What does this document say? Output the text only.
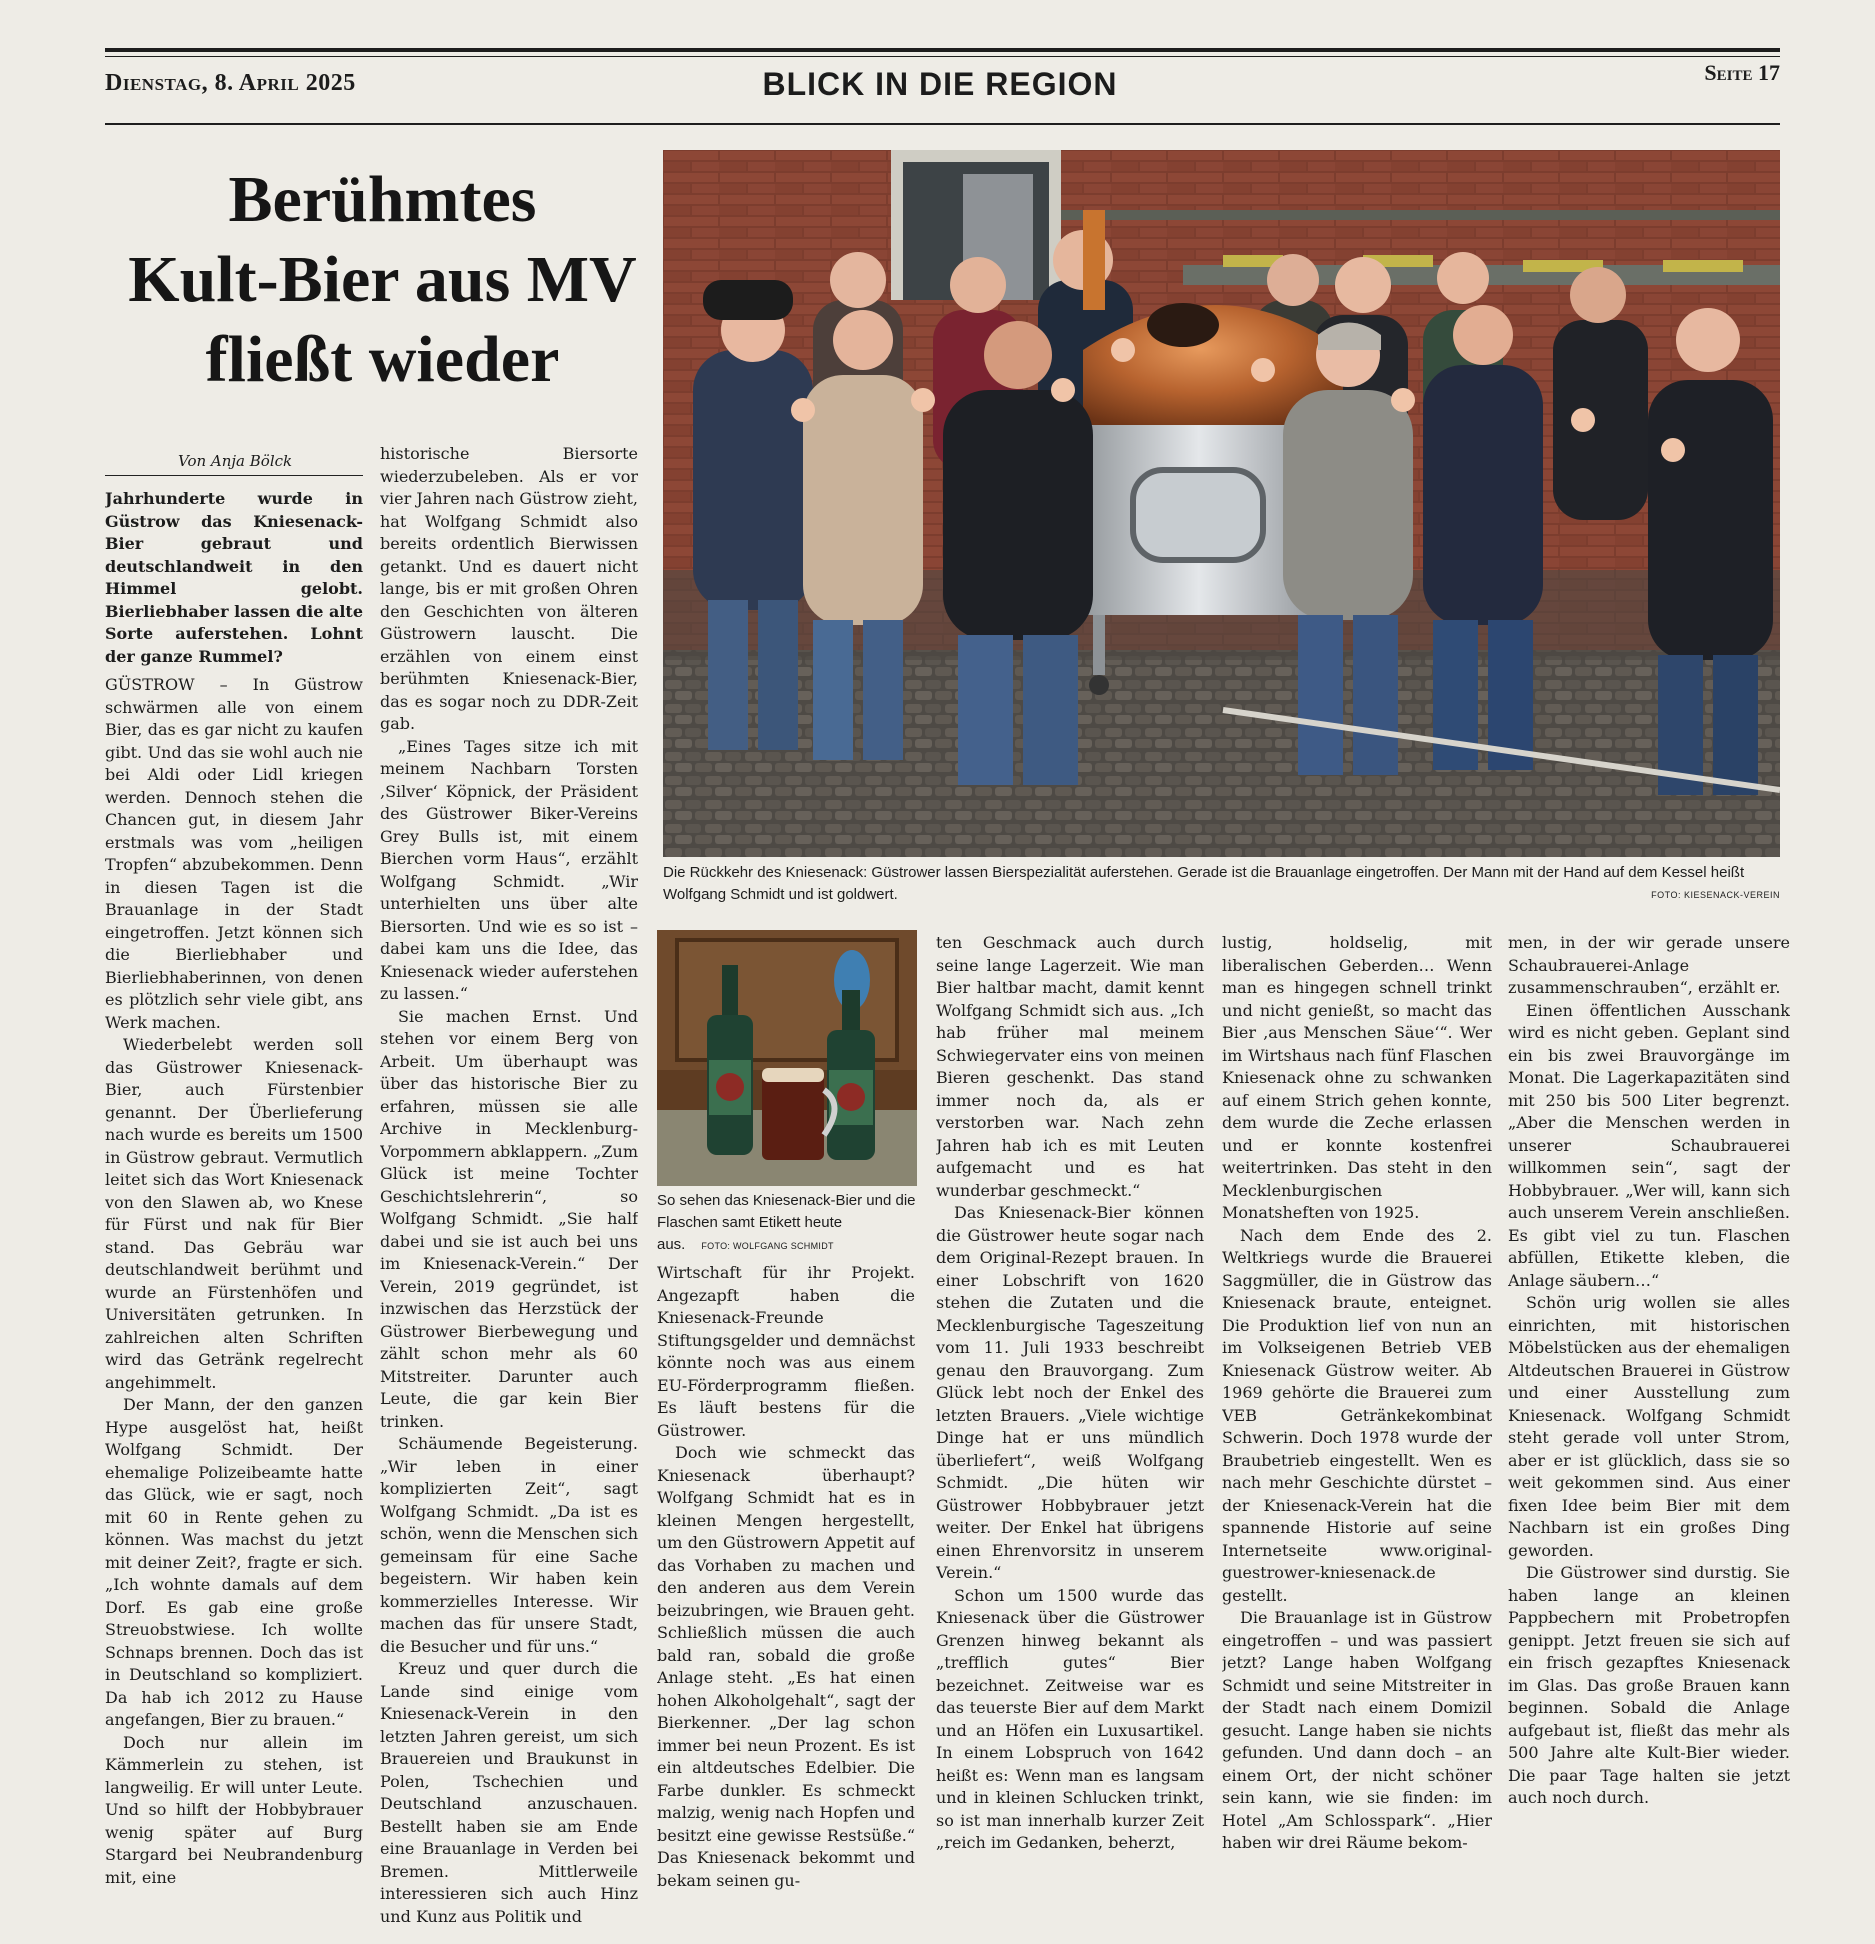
Dienstag, 8. April 2025	BLICK IN DIE REGION	Seite 17
Berühmtes
Kult-Bier aus MV
fließt wieder
Von Anja Bölck
Die Rückkehr des Kniesenack: Güstrower lassen Bierspezialität auferstehen. Gerade ist die Brauanlage eingetroffen. Der Mann mit der Hand auf dem Kessel heißt Wolfgang Schmidt und ist goldwert.	FOTO: KIESENACK-VEREIN
So sehen das Kniesenack-Bier und die Flaschen samt Etikett heute aus. FOTO: WOLFGANG SCHMIDT

Jahrhunderte wurde in Güstrow das Kniesenack-Bier gebraut und deutschlandweit in den Himmel gelobt. Bierliebhaber lassen die alte Sorte auferstehen. Lohnt der ganze Rummel?

GÜSTROW – In Güstrow schwärmen alle von einem Bier, das es gar nicht zu kaufen gibt. Und das sie wohl auch nie bei Aldi oder Lidl kriegen werden. Dennoch stehen die Chancen gut, in diesem Jahr erstmals was vom „heiligen Tropfen“ abzubekommen. Denn in diesen Tagen ist die Brauanlage in der Stadt eingetroffen. Jetzt können sich die Bierliebhaber und Bierliebhaberinnen, von denen es plötzlich sehr viele gibt, ans Werk machen.

Wiederbelebt werden soll das Güstrower Kniesenack-Bier, auch Fürstenbier genannt. Der Überlieferung nach wurde es bereits um 1500 in Güstrow gebraut. Vermutlich leitet sich das Wort Kniesenack von den Slawen ab, wo Knese für Fürst und nak für Bier stand. Das Gebräu war deutschlandweit berühmt und wurde an Fürstenhöfen und Universitäten getrunken. In zahlreichen alten Schriften wird das Getränk regelrecht angehimmelt.

Der Mann, der den ganzen Hype ausgelöst hat, heißt Wolfgang Schmidt. Der ehemalige Polizeibeamte hatte das Glück, wie er sagt, noch mit 60 in Rente gehen zu können. Was machst du jetzt mit deiner Zeit?, fragte er sich. „Ich wohnte damals auf dem Dorf. Es gab eine große Streuobstwiese. Ich wollte Schnaps brennen. Doch das ist in Deutschland so kompliziert. Da hab ich 2012 zu Hause angefangen, Bier zu brauen.“

Doch nur allein im Kämmerlein zu stehen, ist langweilig. Er will unter Leute. Und so hilft der Hobbybrauer wenig später auf Burg Stargard bei Neubrandenburg mit, eine

historische Biersorte wiederzubeleben. Als er vor vier Jahren nach Güstrow zieht, hat Wolfgang Schmidt also bereits ordentlich Bierwissen getankt. Und es dauert nicht lange, bis er mit großen Ohren den Geschichten von älteren Güstrowern lauscht. Die erzählen von einem einst berühmten Kniesenack-Bier, das es sogar noch zu DDR-Zeit gab.

„Eines Tages sitze ich mit meinem Nachbarn Torsten ‚Silver‘ Köpnick, der Präsident des Güstrower Biker-Vereins Grey Bulls ist, mit einem Bierchen vorm Haus“, erzählt Wolfgang Schmidt. „Wir unterhielten uns über alte Biersorten. Und wie es so ist – dabei kam uns die Idee, das Kniesenack wieder auferstehen zu lassen.“

Sie machen Ernst. Und stehen vor einem Berg von Arbeit. Um überhaupt was über das historische Bier zu erfahren, müssen sie alle Archive in Mecklenburg-Vorpommern abklappern. „Zum Glück ist meine Tochter Geschichtslehrerin“, so Wolfgang Schmidt. „Sie half dabei und sie ist auch bei uns im Kniesenack-Verein.“ Der Verein, 2019 gegründet, ist inzwischen das Herzstück der Güstrower Bierbewegung und zählt schon mehr als 60 Mitstreiter. Darunter auch Leute, die gar kein Bier trinken.

Schäumende Begeisterung. „Wir leben in einer komplizierten Zeit“, sagt Wolfgang Schmidt. „Da ist es schön, wenn die Menschen sich gemeinsam für eine Sache begeistern. Wir haben kein kommerzielles Interesse. Wir machen das für unsere Stadt, die Besucher und für uns.“

Kreuz und quer durch die Lande sind einige vom Kniesenack-Verein in den letzten Jahren gereist, um sich Brauereien und Braukunst in Polen, Tschechien und Deutschland anzuschauen. Bestellt haben sie am Ende eine Brauanlage in Verden bei Bremen. Mittlerweile interessieren sich auch Hinz und Kunz aus Politik und

Wirtschaft für ihr Projekt. Angezapft haben die Kniesenack-Freunde Stiftungsgelder und demnächst könnte noch was aus einem EU-Förderprogramm fließen. Es läuft bestens für die Güstrower.

Doch wie schmeckt das Kniesenack überhaupt? Wolfgang Schmidt hat es in kleinen Mengen hergestellt, um den Güstrowern Appetit auf das Vorhaben zu machen und den anderen aus dem Verein beizubringen, wie Brauen geht. Schließlich müssen die auch bald ran, sobald die große Anlage steht. „Es hat einen hohen Alkoholgehalt“, sagt der Bierkenner. „Der lag schon immer bei neun Prozent. Es ist ein altdeutsches Edelbier. Die Farbe dunkler. Es schmeckt malzig, wenig nach Hopfen und besitzt eine gewisse Restsüße.“ Das Kniesenack bekommt und bekam seinen gu-

ten Geschmack auch durch seine lange Lagerzeit. Wie man Bier haltbar macht, damit kennt Wolfgang Schmidt sich aus. „Ich hab früher mal meinem Schwiegervater eins von meinen Bieren geschenkt. Das stand immer noch da, als er verstorben war. Nach zehn Jahren hab ich es mit Leuten aufgemacht und es hat wunderbar geschmeckt.“

Das Kniesenack-Bier können die Güstrower heute sogar nach dem Original-Rezept brauen. In einer Lobschrift von 1620 stehen die Zutaten und die Mecklenburgische Tageszeitung vom 11. Juli 1933 beschreibt genau den Brauvorgang. Zum Glück lebt noch der Enkel des letzten Brauers. „Viele wichtige Dinge hat er uns mündlich überliefert“, weiß Wolfgang Schmidt. „Die hüten wir Güstrower Hobbybrauer jetzt weiter. Der Enkel hat übrigens einen Ehrenvorsitz in unserem Verein.“

Schon um 1500 wurde das Kniesenack über die Güstrower Grenzen hinweg bekannt als „trefflich gutes“ Bier bezeichnet. Zeitweise war es das teuerste Bier auf dem Markt und an Höfen ein Luxusartikel. In einem Lobspruch von 1642 heißt es: Wenn man es langsam und in kleinen Schlucken trinkt, so ist man innerhalb kurzer Zeit „reich im Gedanken, beherzt,

lustig, holdselig, mit liberalischen Geberden… Wenn man es hingegen schnell trinkt und nicht genießt, so macht das Bier ‚aus Menschen Säue‘“. Wer im Wirtshaus nach fünf Flaschen Kniesenack ohne zu schwanken auf einem Strich gehen konnte, dem wurde die Zeche erlassen und er konnte kostenfrei weitertrinken. Das steht in den Mecklenburgischen Monatsheften von 1925.

Nach dem Ende des 2. Weltkriegs wurde die Brauerei Saggmüller, die in Güstrow das Kniesenack braute, enteignet. Die Produktion lief von nun an im Volkseigenen Betrieb VEB Kniesenack Güstrow weiter. Ab 1969 gehörte die Brauerei zum VEB Getränkekombinat Schwerin. Doch 1978 wurde der Braubetrieb eingestellt. Wen es nach mehr Geschichte dürstet – der Kniesenack-Verein hat die spannende Historie auf seine Internetseite www.original-guestrower-kniesenack.de gestellt.

Die Brauanlage ist in Güstrow eingetroffen – und was passiert jetzt? Lange haben Wolfgang Schmidt und seine Mitstreiter in der Stadt nach einem Domizil gesucht. Lange haben sie nichts gefunden. Und dann doch – an einem Ort, der nicht schöner sein kann, wie sie finden: im Hotel „Am Schlosspark“. „Hier haben wir drei Räume bekom-

men, in der wir gerade unsere Schaubrauerei-Anlage zusammenschrauben“, erzählt er.

Einen öffentlichen Ausschank wird es nicht geben. Geplant sind ein bis zwei Brauvorgänge im Monat. Die Lagerkapazitäten sind mit 250 bis 500 Liter begrenzt. „Aber die Menschen werden in unserer Schaubrauerei willkommen sein“, sagt der Hobbybrauer. „Wer will, kann sich auch unserem Verein anschließen. Es gibt viel zu tun. Flaschen abfüllen, Etikette kleben, die Anlage säubern…“

Schön urig wollen sie alles einrichten, mit historischen Möbelstücken aus der ehemaligen Altdeutschen Brauerei in Güstrow und einer Ausstellung zum Kniesenack. Wolfgang Schmidt steht gerade voll unter Strom, aber er ist glücklich, dass sie so weit gekommen sind. Aus einer fixen Idee beim Bier mit dem Nachbarn ist ein großes Ding geworden.

Die Güstrower sind durstig. Sie haben lange an kleinen Pappbechern mit Probetropfen genippt. Jetzt freuen sie sich auf ein frisch gezapftes Kniesenack im Glas. Das große Brauen kann beginnen. Sobald die Anlage aufgebaut ist, fließt das mehr als 500 Jahre alte Kult-Bier wieder. Die paar Tage halten sie jetzt auch noch durch.
